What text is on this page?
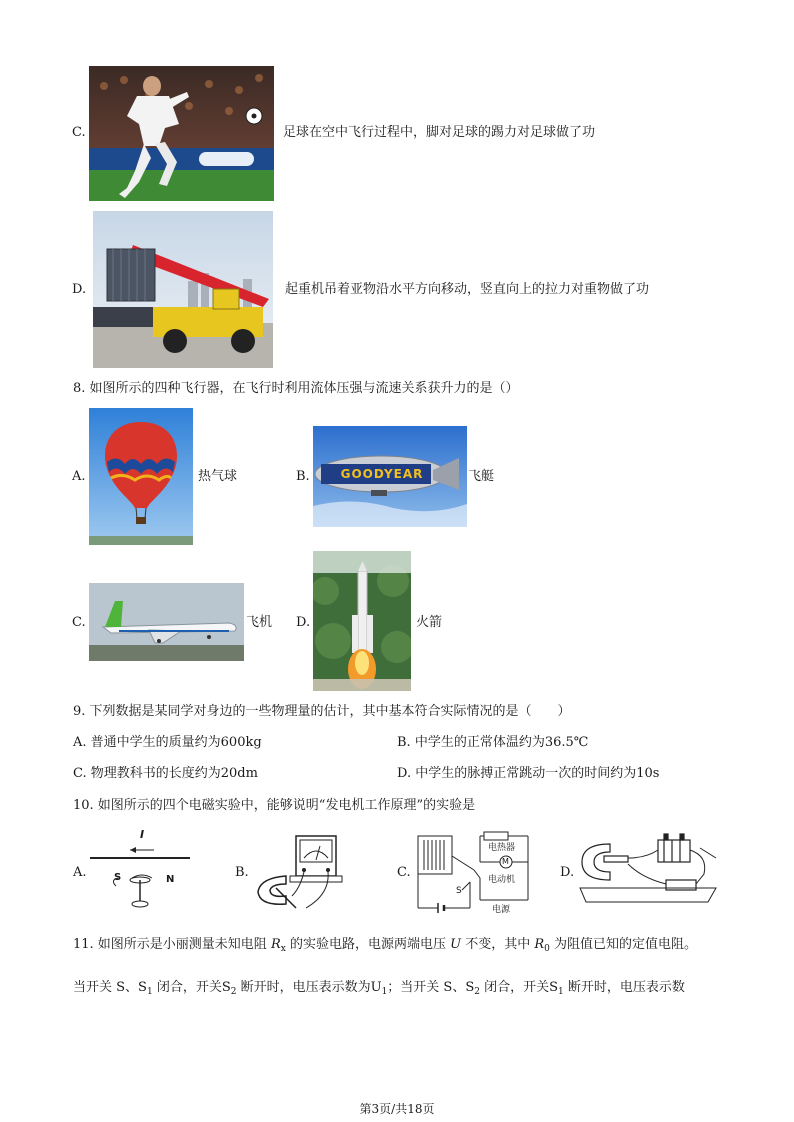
C.	足球在空中飞行过程中，脚对足球的踢力对足球做了功
D.	起重机吊着亚物沿水平方向移动，竖直向上的拉力对重物做了功
8. 如图所示的四种飞行器，在飞行时利用流体压强与流速关系获升力的是（）
A.	热气球	B.	GOODYEAR	飞艇
C.	飞机 D.	火箭
9. 下列数据是某同学对身边的一些物理量的估计，其中基本符合实际情况的是（　　）
A. 普通中学生的质量约为600kg	B. 中学生的正常体温约为36.5℃
C. 物理教科书的长度约为20dm	D. 中学生的脉搏正常跳动一次的时间约为10s
10. 如图所示的四个电磁实验中，能够说明“发电机工作原理”的实验是
A.
I
S	N	B.	C.
电热器
M
电动机
S
电源
D.
11. 如图所示是小丽测量未知电阻 $R_x$ 的实验电路，电源两端电压 U 不变，其中 $R_0$ 为阻值已知的定值电阻。
当开关 S、$S_1$ 闭合，开关$S_2$ 断开时，电压表示数为$U_1$；当开关 S、$S_2$ 闭合，开关$S_1$ 断开时，电压表示数
第3页/共18页
